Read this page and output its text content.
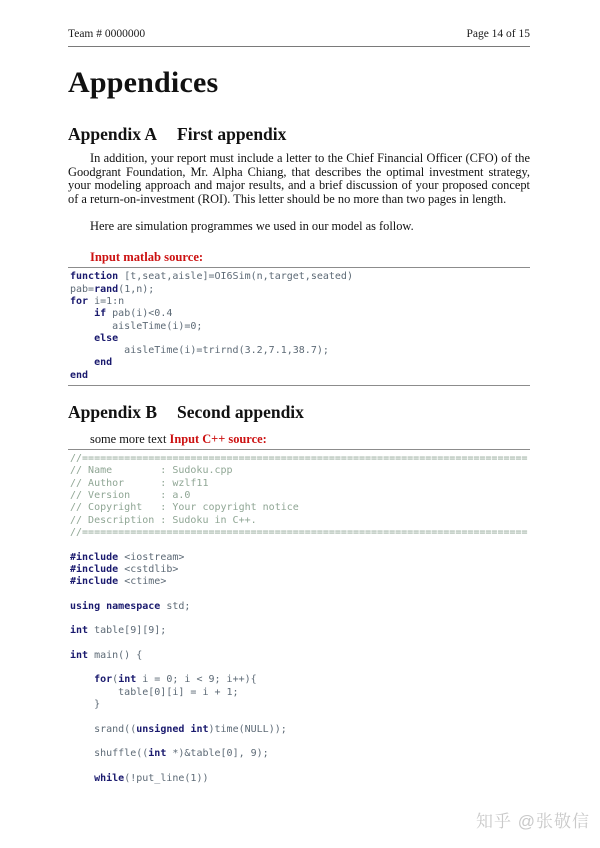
Team # 0000000	Page 14 of 15
Appendices
Appendix A First appendix

In addition, your report must include a letter to the Chief Financial Officer (CFO) of the Goodgrant Foundation, Mr. Alpha Chiang, that describes the optimal investment strategy, your modeling approach and major results, and a brief discussion of your proposed concept of a return-on-investment (ROI). This letter should be no more than two pages in length.

Here are simulation programmes we used in our model as follow.

Input matlab source:
function [t,seat,aisle]=OI6Sim(n,target,seated)
pab=rand(1,n);
for i=1:n
if pab(i)<0.4
aisleTime(i)=0;
else
aisleTime(i)=trirnd(3.2,7.1,38.7);
end
end
Appendix B Second appendix
some more text Input C++ source:
//==========================================================================
// Name        : Sudoku.cpp
// Author      : wzlf11
// Version     : a.0
// Copyright   : Your copyright notice
// Description : Sudoku in C++.
//==========================================================================

#include <iostream>
#include <cstdlib>
#include <ctime>

using namespace std;

int table[9][9];

int main() {

for(int i = 0; i < 9; i++){
table[0][i] = i + 1;
}

srand((unsigned int)time(NULL));

shuffle((int *)&table[0], 9);

while(!put_line(1))
知乎 @张敬信
